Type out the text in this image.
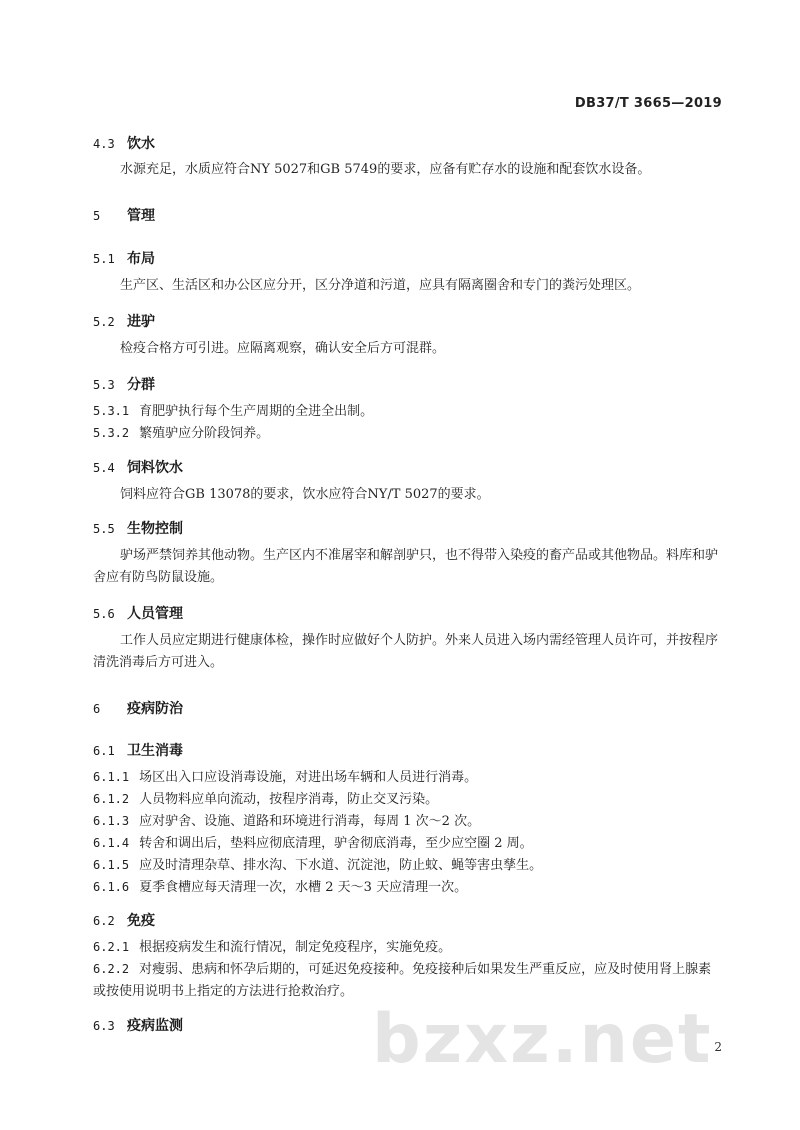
DB37/T 3665—2019
4.3 饮水
水源充足，水质应符合NY 5027和GB 5749的要求，应备有贮存水的设施和配套饮水设备。
5 管理
5.1 布局
生产区、生活区和办公区应分开，区分净道和污道，应具有隔离圈舍和专门的粪污处理区。
5.2 进驴
检疫合格方可引进。应隔离观察，确认安全后方可混群。
5.3 分群
5.3.1 育肥驴执行每个生产周期的全进全出制。
5.3.2 繁殖驴应分阶段饲养。
5.4 饲料饮水
饲料应符合GB 13078的要求，饮水应符合NY/T 5027的要求。
5.5 生物控制
驴场严禁饲养其他动物。生产区内不准屠宰和解剖驴只，也不得带入染疫的畜产品或其他物品。料库和驴舍应有防鸟防鼠设施。
5.6 人员管理
工作人员应定期进行健康体检，操作时应做好个人防护。外来人员进入场内需经管理人员许可，并按程序清洗消毒后方可进入。
6 疫病防治
6.1 卫生消毒
6.1.1 场区出入口应设消毒设施，对进出场车辆和人员进行消毒。
6.1.2 人员物料应单向流动，按程序消毒，防止交叉污染。
6.1.3 应对驴舍、设施、道路和环境进行消毒，每周 1 次～2 次。
6.1.4 转舍和调出后，垫料应彻底清理，驴舍彻底消毒，至少应空圈 2 周。
6.1.5 应及时清理杂草、排水沟、下水道、沉淀池，防止蚊、蝇等害虫孳生。
6.1.6 夏季食槽应每天清理一次，水槽 2 天～3 天应清理一次。
6.2 免疫
6.2.1 根据疫病发生和流行情况，制定免疫程序，实施免疫。
6.2.2 对瘦弱、患病和怀孕后期的，可延迟免疫接种。免疫接种后如果发生严重反应，应及时使用肾上腺素或按使用说明书上指定的方法进行抢救治疗。
6.3 疫病监测	bzxz.net 2
